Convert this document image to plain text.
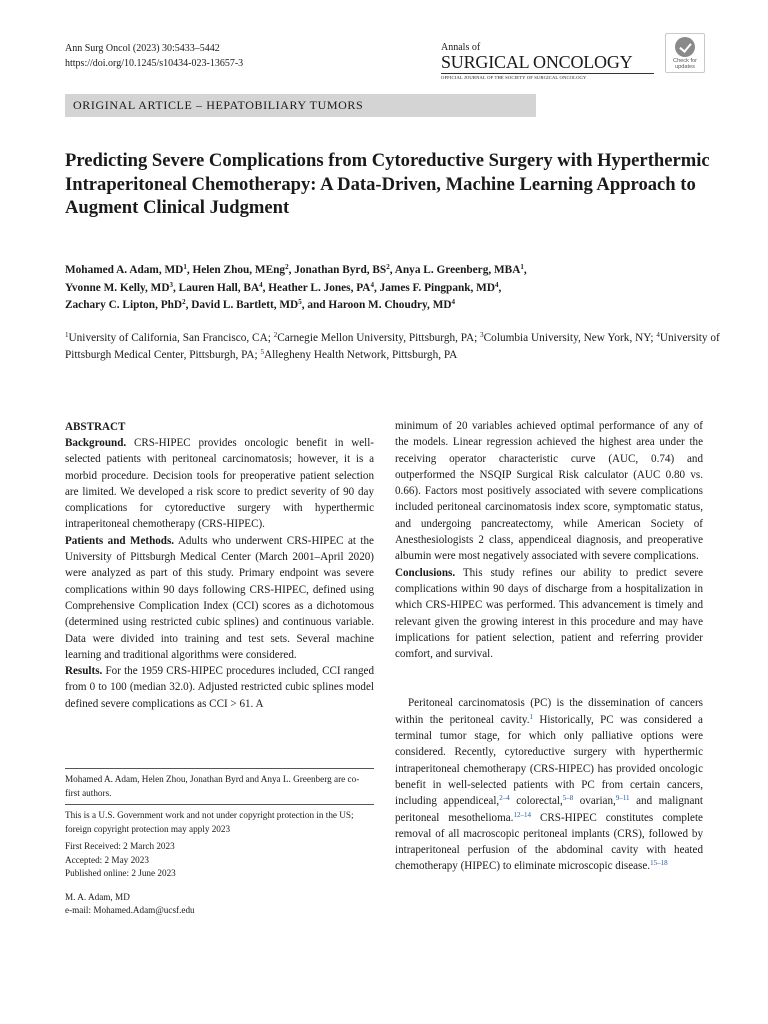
Ann Surg Oncol (2023) 30:5433–5442
https://doi.org/10.1245/s10434-023-13657-3
Annals of
SURGICAL ONCOLOGY
OFFICIAL JOURNAL OF THE SOCIETY OF SURGICAL ONCOLOGY
Check for
updates
ORIGINAL ARTICLE – HEPATOBILIARY TUMORS
Predicting Severe Complications from Cytoreductive Surgery with Hyperthermic Intraperitoneal Chemotherapy: A Data-Driven, Machine Learning Approach to Augment Clinical Judgment
Mohamed A. Adam, $MD^1$, Helen Zhou, MEng$^2$, Jonathan Byrd, $BS^2$, Anya L. Greenberg, MBA$^1$,
Yvonne M. Kelly, $MD^3$, Lauren Hall, $BA^4$, Heather L. Jones, $PA^4$, James F. Pingpank, $MD^4$,
Zachary C. Lipton, PhD$^2$, David L. Bartlett, $MD^5$, and Haroon M. Choudry, $MD^4$
$^1$University of California, San Francisco, CA; $^2$Carnegie Mellon University, Pittsburgh, PA; $^3$Columbia University, New York, NY; $^4$University of Pittsburgh Medical Center, Pittsburgh, PA; $^5$Allegheny Health Network, Pittsburgh, PA
ABSTRACT

Background. CRS-HIPEC provides oncologic benefit in well-selected patients with peritoneal carcinomatosis; however, it is a morbid procedure. Decision tools for preoperative patient selection are limited. We developed a risk score to predict severity of 90 day complications for cytoreductive surgery with hyperthermic intraperitoneal chemotherapy (CRS-HIPEC).

Patients and Methods. Adults who underwent CRS-HIPEC at the University of Pittsburgh Medical Center (March 2001–April 2020) were analyzed as part of this study. Primary endpoint was severe complications within 90 days following CRS-HIPEC, defined using Comprehensive Complication Index (CCI) scores as a dichotomous (determined using restricted cubic splines) and continuous variable. Data were divided into training and test sets. Several machine learning and traditional algorithms were considered.

Results. For the 1959 CRS-HIPEC procedures included, CCI ranged from 0 to 100 (median 32.0). Adjusted restricted cubic splines model defined severe complications as CCI > 61. A

Mohamed A. Adam, Helen Zhou, Jonathan Byrd and Anya L. Greenberg are co-first authors.
This is a U.S. Government work and not under copyright protection in the US; foreign copyright protection may apply 2023
First Received: 2 March 2023
Accepted: 2 May 2023
Published online: 2 June 2023
M. A. Adam, MD
e-mail: Mohamed.Adam@ucsf.edu

minimum of 20 variables achieved optimal performance of any of the models. Linear regression achieved the highest area under the receiving operator characteristic curve (AUC, 0.74) and outperformed the NSQIP Surgical Risk calculator (AUC 0.80 vs. 0.66). Factors most positively associated with severe complications included peritoneal carcinomatosis index score, symptomatic status, and undergoing pancreatectomy, while American Society of Anesthesiologists 2 class, appendiceal diagnosis, and preoperative albumin were most negatively associated with severe complications.

Conclusions. This study refines our ability to predict severe complications within 90 days of discharge from a hospitalization in which CRS-HIPEC was performed. This advancement is timely and relevant given the growing interest in this procedure and may have implications for patient selection, patient and referring provider comfort, and survival.

Peritoneal carcinomatosis (PC) is the dissemination of cancers within the peritoneal cavity.$^1$ Historically, PC was considered a terminal tumor stage, for which only palliative options were considered. Recently, cytoreductive surgery with hyperthermic intraperitoneal chemotherapy (CRS-HIPEC) has provided oncologic benefit in well-selected patients with PC from certain cancers, including appendiceal,$^{2-4}$ colorectal,$^{5-8}$ ovarian,$^{9-11}$ and malignant peritoneal mesothelioma.$^{12-14}$ CRS-HIPEC constitutes complete removal of all macroscopic peritoneal implants (CRS), followed by intraperitoneal perfusion of the abdominal cavity with heated chemotherapy (HIPEC) to eliminate microscopic disease.$^{15-18}$
